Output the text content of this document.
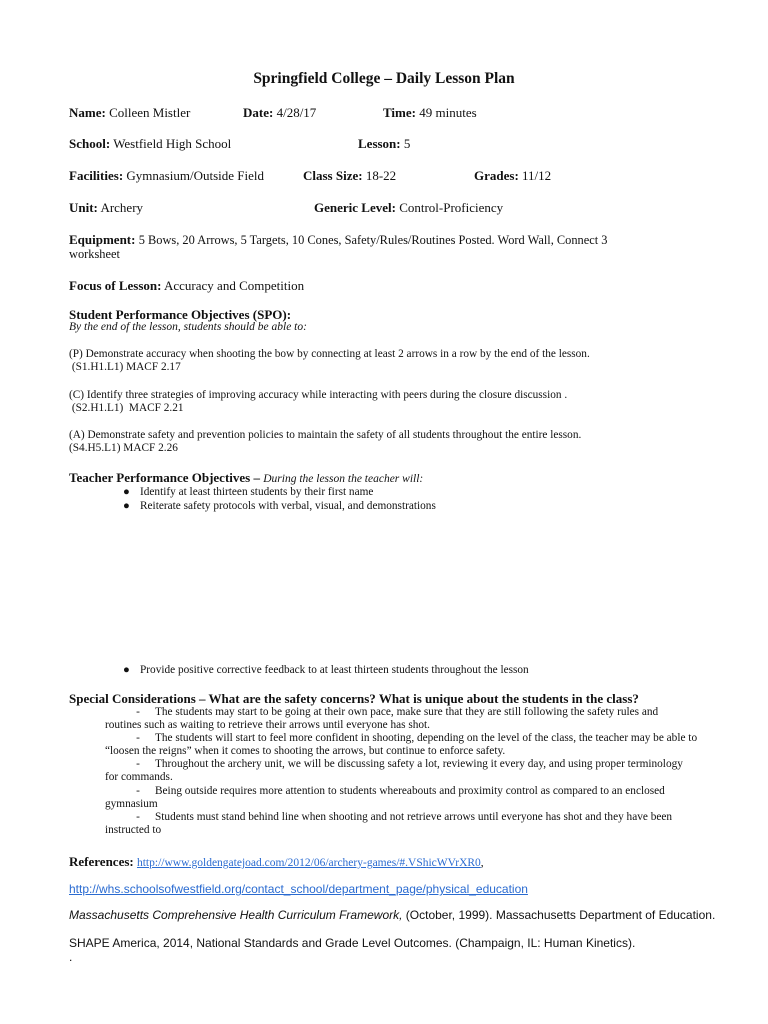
Springfield College – Daily Lesson Plan
Name: Colleen Mistler	Date: 4/28/17	Time: 49 minutes
School: Westfield High School	Lesson: 5
Facilities: Gymnasium/Outside Field	Class Size: 18-22	Grades: 11/12
Unit: Archery	Generic Level: Control-Proficiency
Equipment: 5 Bows, 20 Arrows, 5 Targets, 10 Cones, Safety/Rules/Routines Posted. Word Wall, Connect 3
worksheet
Focus of Lesson: Accuracy and Competition
Student Performance Objectives (SPO):
By the end of the lesson, students should be able to:
(P) Demonstrate accuracy when shooting the bow by connecting at least 2 arrows in a row by the end of the lesson.
(S1.H1.L1) MACF 2.17
(C) Identify three strategies of improving accuracy while interacting with peers during the closure discussion .
(S2.H1.L1)  MACF 2.21
(A) Demonstrate safety and prevention policies to maintain the safety of all students throughout the entire lesson.
(S4.H5.L1) MACF 2.26
Teacher Performance Objectives – During the lesson the teacher will:
● Identify at least thirteen students by their first name
● Reiterate safety protocols with verbal, visual, and demonstrations
● Provide positive corrective feedback to at least thirteen students throughout the lesson
Special Considerations – What are the safety concerns? What is unique about the students in the class?
- The students may start to be going at their own pace, make sure that they are still following the safety rules and
routines such as waiting to retrieve their arrows until everyone has shot.
- The students will start to feel more confident in shooting, depending on the level of the class, the teacher may be able to
“loosen the reigns” when it comes to shooting the arrows, but continue to enforce safety.
- Throughout the archery unit, we will be discussing safety a lot, reviewing it every day, and using proper terminology
for commands.
- Being outside requires more attention to students whereabouts and proximity control as compared to an enclosed
gymnasium
- Students must stand behind line when shooting and not retrieve arrows until everyone has shot and they have been
instructed to
References: http://www.goldengatejoad.com/2012/06/archery-games/#.VShicWVrXR0,
http://whs.schoolsofwestfield.org/contact_school/department_page/physical_education
Massachusetts Comprehensive Health Curriculum Framework, (October, 1999). Massachusetts Department of Education.
SHAPE America, 2014, National Standards and Grade Level Outcomes. (Champaign, IL: Human Kinetics).
.
